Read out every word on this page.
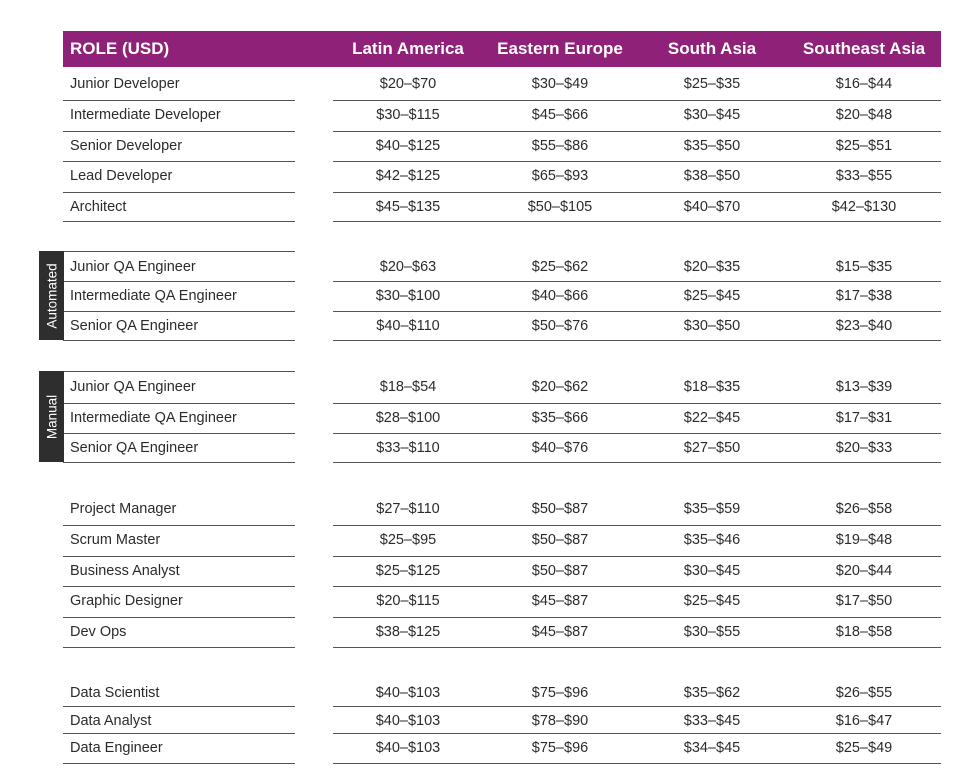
ROLE (USD)	Latin America	Eastern Europe	South Asia	Southeast Asia
Junior Developer	$20–$70	$30–$49	$25–$35	$16–$44
Intermediate Developer	$30–$115	$45–$66	$30–$45	$20–$48
Senior Developer	$40–$125	$55–$86	$35–$50	$25–$51
Lead Developer	$42–$125	$65–$93	$38–$50	$33–$55
Architect	$45–$135	$50–$105	$40–$70	$42–$130
Junior QA Engineer	$20–$63	$25–$62	$20–$35	$15–$35
Intermediate QA Engineer	$30–$100	$40–$66	$25–$45	$17–$38
Senior QA Engineer	$40–$110	$50–$76	$30–$50	$23–$40
Automated
Junior QA Engineer	$18–$54	$20–$62	$18–$35	$13–$39
Intermediate QA Engineer	$28–$100	$35–$66	$22–$45	$17–$31
Senior QA Engineer	$33–$110	$40–$76	$27–$50	$20–$33
Manual
Project Manager	$27–$110	$50–$87	$35–$59	$26–$58
Scrum Master	$25–$95	$50–$87	$35–$46	$19–$48
Business Analyst	$25–$125	$50–$87	$30–$45	$20–$44
Graphic Designer	$20–$115	$45–$87	$25–$45	$17–$50
Dev Ops	$38–$125	$45–$87	$30–$55	$18–$58
Data Scientist	$40–$103	$75–$96	$35–$62	$26–$55
Data Analyst	$40–$103	$78–$90	$33–$45	$16–$47
Data Engineer	$40–$103	$75–$96	$34–$45	$25–$49
